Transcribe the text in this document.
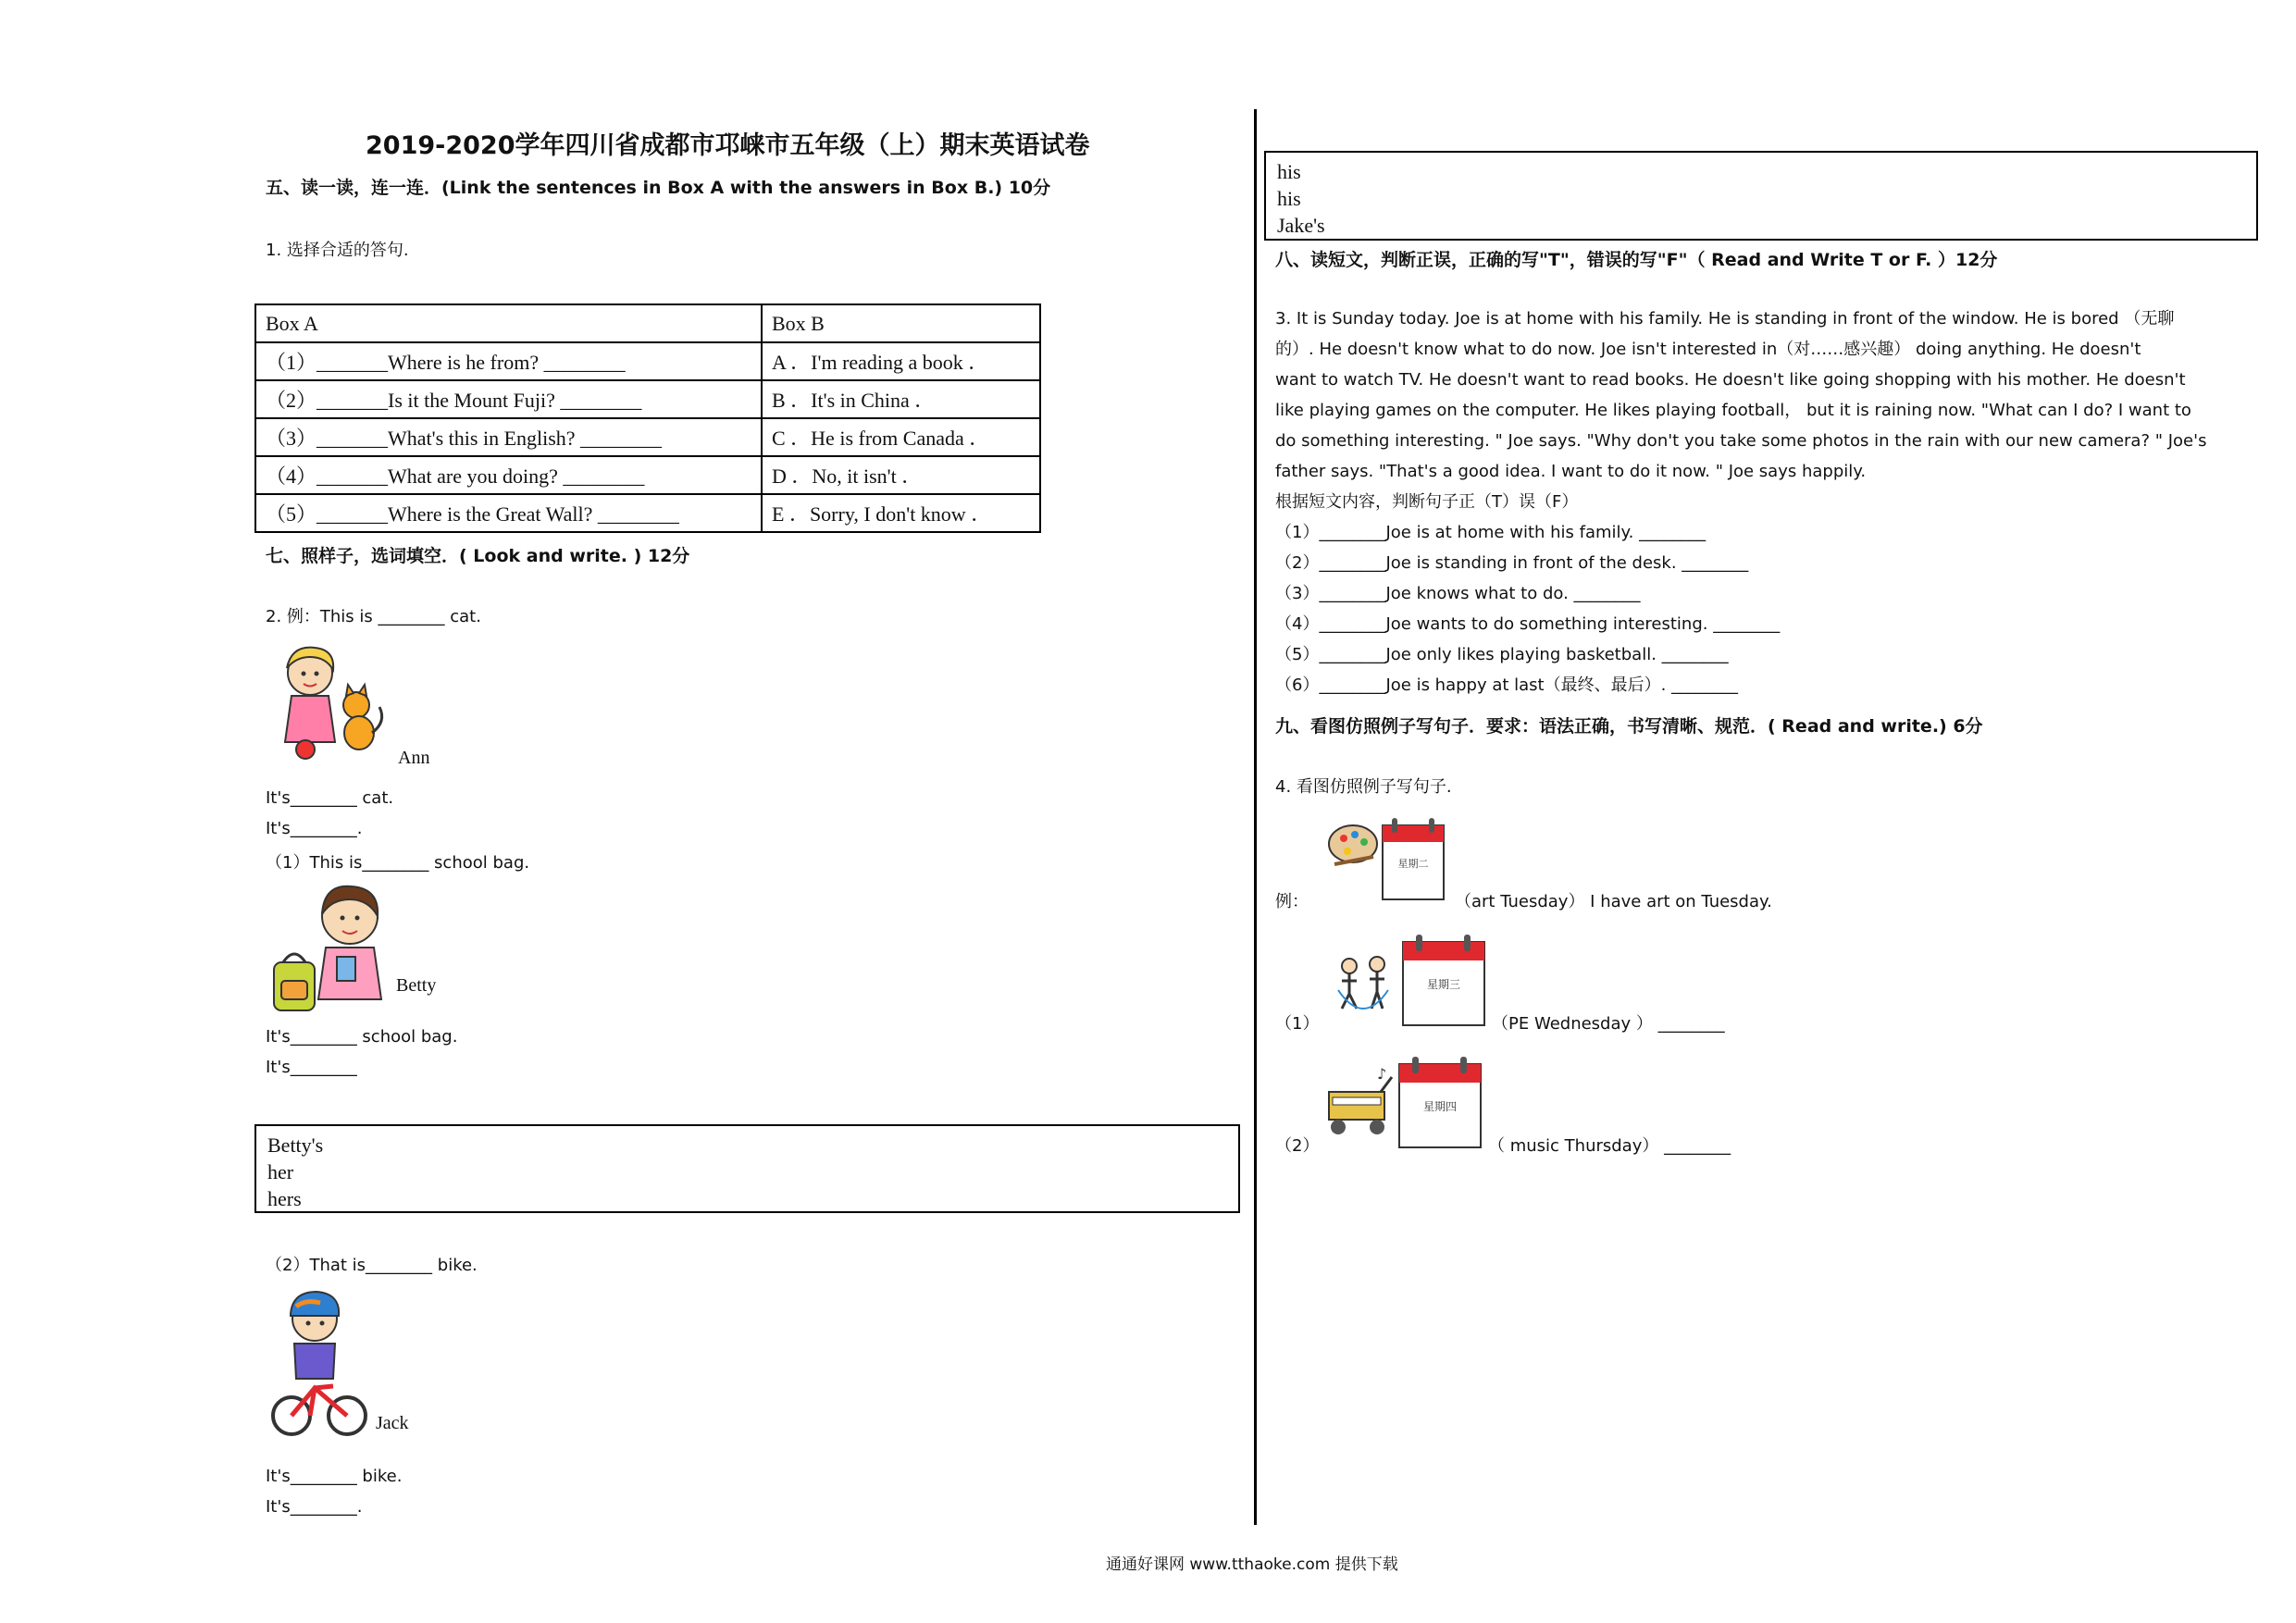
2019-2020学年四川省成都市邛崃市五年级（上）期末英语试卷
五、读一读，连一连．(Link the sentences in Box A with the answers in Box B.) 10分
1. 选择合适的答句.
Box A	Box B
（1）_______Where is he from? ________	A ．I'm reading a book ．
（2）_______Is it the Mount Fuji? ________	B ．It's in China ．
（3）_______What's this in English? ________	C ．He is from Canada ．
（4）_______What are you doing? ________	D ．No, it isn't ．
（5）_______Where is the Great Wall? ________	E ．Sorry, I don't know ．
七、照样子，选词填空．( Look and write. ) 12分
2. 例：This is ________ cat.
Ann
It's________ cat.
It's________.
（1）This is________ school bag.
Betty
It's________ school bag.
It's________
Betty's
her
hers
（2）That is________ bike.
Jack
It's________ bike.
It's________.
his
his
Jake's
八、读短文，判断正误，正确的写"T"，错误的写"F"（ Read and Write T or F. ）12分

3. It is Sunday today. Joe is at home with his family. He is standing in front of the window. He is bored （无聊

的）. He doesn't know what to do now. Joe isn't interested in（对……感兴趣） doing anything. He doesn't

want to watch TV. He doesn't want to read books. He doesn't like going shopping with his mother. He doesn't

like playing games on the computer. He likes playing football， but it is raining now. "What can I do? I want to

do something interesting. " Joe says. "Why don't you take some photos in the rain with our new camera? " Joe's

father says. "That's a good idea. I want to do it now. " Joe says happily.

根据短文内容，判断句子正（T）误（F）

（1）________Joe is at home with his family. ________

（2）________Joe is standing in front of the desk. ________

（3）________Joe knows what to do. ________

（4）________Joe wants to do something interesting. ________

（5）________Joe only likes playing basketball. ________

（6）________Joe is happy at last（最终、最后）. ________

九、看图仿照例子写句子．要求：语法正确，书写清晰、规范．( Read and write.) 6分
4. 看图仿照例子写句子.
例：
星期二
（art Tuesday） I have art on Tuesday.
（1）
星期三
（PE Wednesday ） ________
（2）
♪
星期四
（ music Thursday） ________
通通好课网 www.tthaoke.com 提供下载
